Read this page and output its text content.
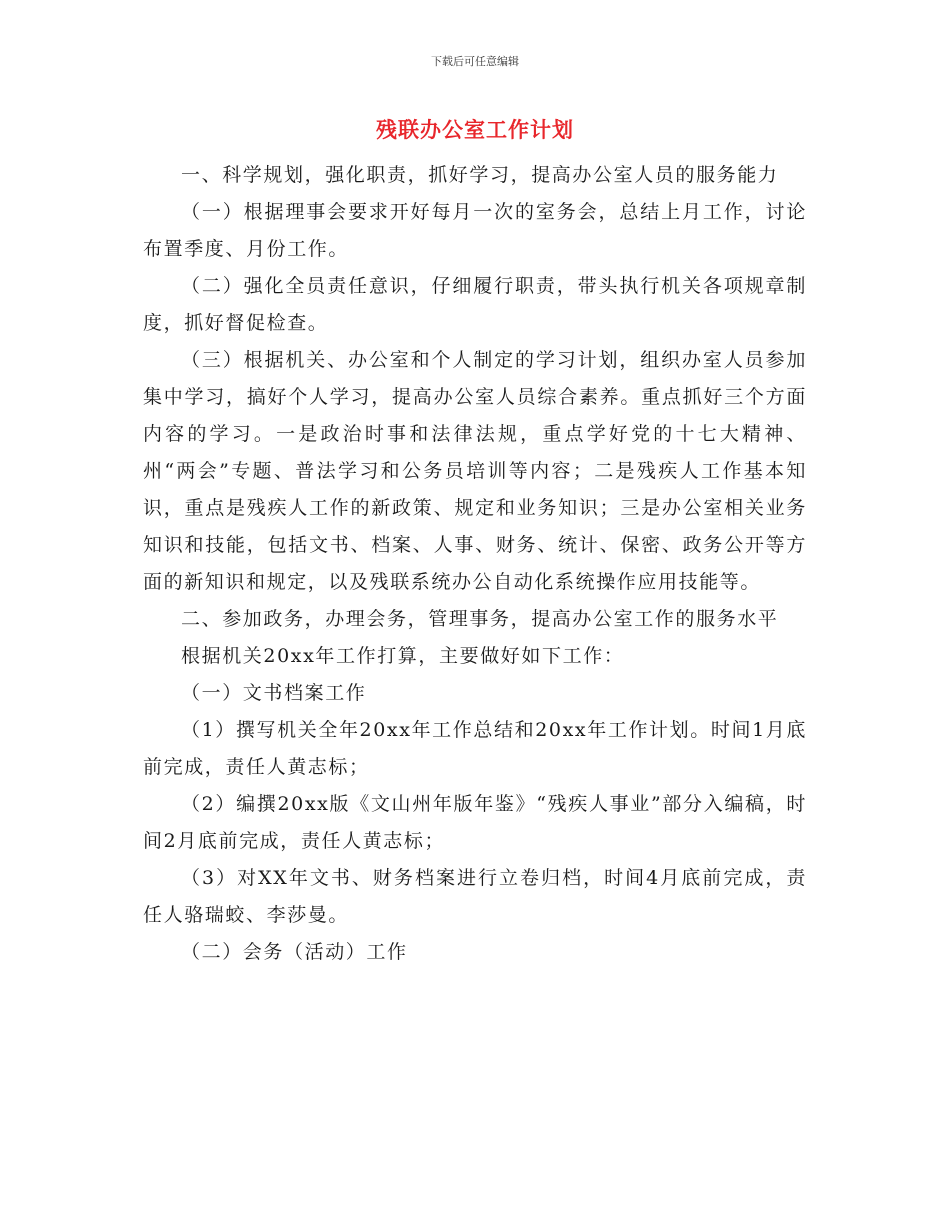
下载后可任意编辑
残联办公室工作计划

一、科学规划，强化职责，抓好学习，提高办公室人员的服务能力

（一）根据理事会要求开好每月一次的室务会，总结上月工作，讨论布置季度、月份工作。

（二）强化全员责任意识，仔细履行职责，带头执行机关各项规章制度，抓好督促检查。

（三）根据机关、办公室和个人制定的学习计划，组织办室人员参加集中学习，搞好个人学习，提高办公室人员综合素养。重点抓好三个方面内容的学习。一是政治时事和法律法规，重点学好党的十七大精神、州“两会”专题、普法学习和公务员培训等内容；二是残疾人工作基本知识，重点是残疾人工作的新政策、规定和业务知识；三是办公室相关业务知识和技能，包括文书、档案、人事、财务、统计、保密、政务公开等方面的新知识和规定，以及残联系统办公自动化系统操作应用技能等。

二、参加政务，办理会务，管理事务，提高办公室工作的服务水平

根据机关20xx年工作打算，主要做好如下工作：

（一）文书档案工作

（1）撰写机关全年20xx年工作总结和20xx年工作计划。时间1月底前完成，责任人黄志标；

（2）编撰20xx版《文山州年版年鉴》“残疾人事业”部分入编稿，时间2月底前完成，责任人黄志标；

（3）对XX年文书、财务档案进行立卷归档，时间4月底前完成，责任人骆瑞蛟、李莎曼。

（二）会务（活动）工作
